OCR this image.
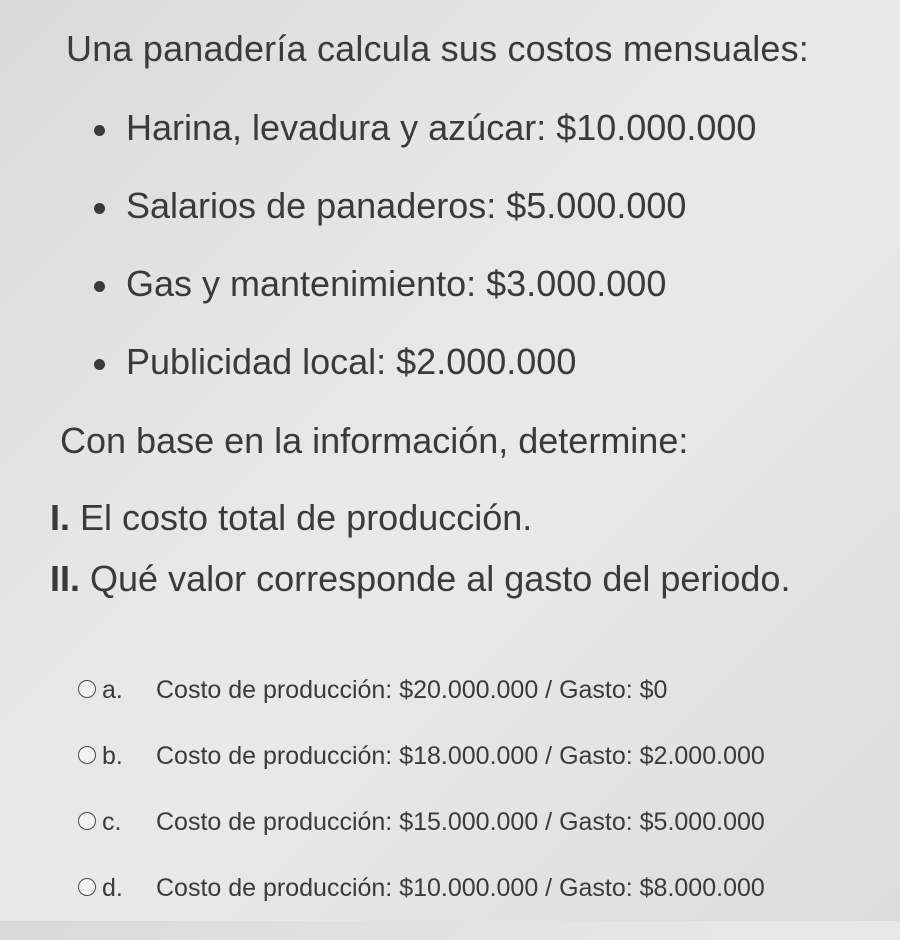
Una panadería calcula sus costos mensuales:
Harina, levadura y azúcar: $10.000.000
Salarios de panaderos: $5.000.000
Gas y mantenimiento: $3.000.000
Publicidad local: $2.000.000
Con base en la información, determine:
I. El costo total de producción.
II. Qué valor corresponde al gasto del periodo.
a. Costo de producción: $20.000.000 / Gasto: $0
b. Costo de producción: $18.000.000 / Gasto: $2.000.000
c. Costo de producción: $15.000.000 / Gasto: $5.000.000
d. Costo de producción: $10.000.000 / Gasto: $8.000.000
